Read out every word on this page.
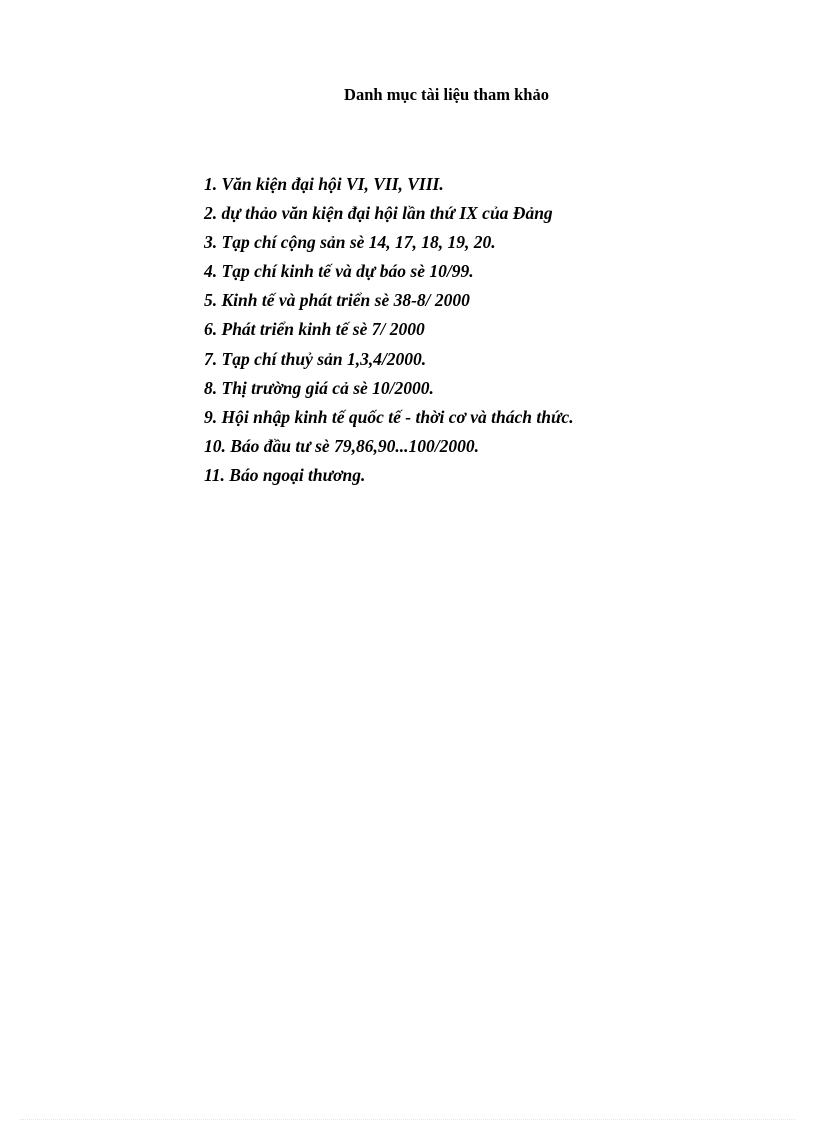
Danh mục tài liệu tham khảo
1. Văn kiện đại hội VI, VII, VIII.
2. dự thảo văn kiện đại hội lần thứ IX của Đảng
3. Tạp chí cộng sản sè 14, 17, 18, 19, 20.
4. Tạp chí kinh tế và dự báo sè 10/99.
5. Kinh tế và phát triển sè 38-8/ 2000
6. Phát triển kinh tế sè 7/ 2000
7. Tạp chí thuỷ sản 1,3,4/2000.
8. Thị trường giá cả sè 10/2000.
9. Hội nhập kinh tế quốc tế - thời cơ và thách thức.
10. Báo đầu tư sè 79,86,90...100/2000.
11. Báo ngoại thương.
